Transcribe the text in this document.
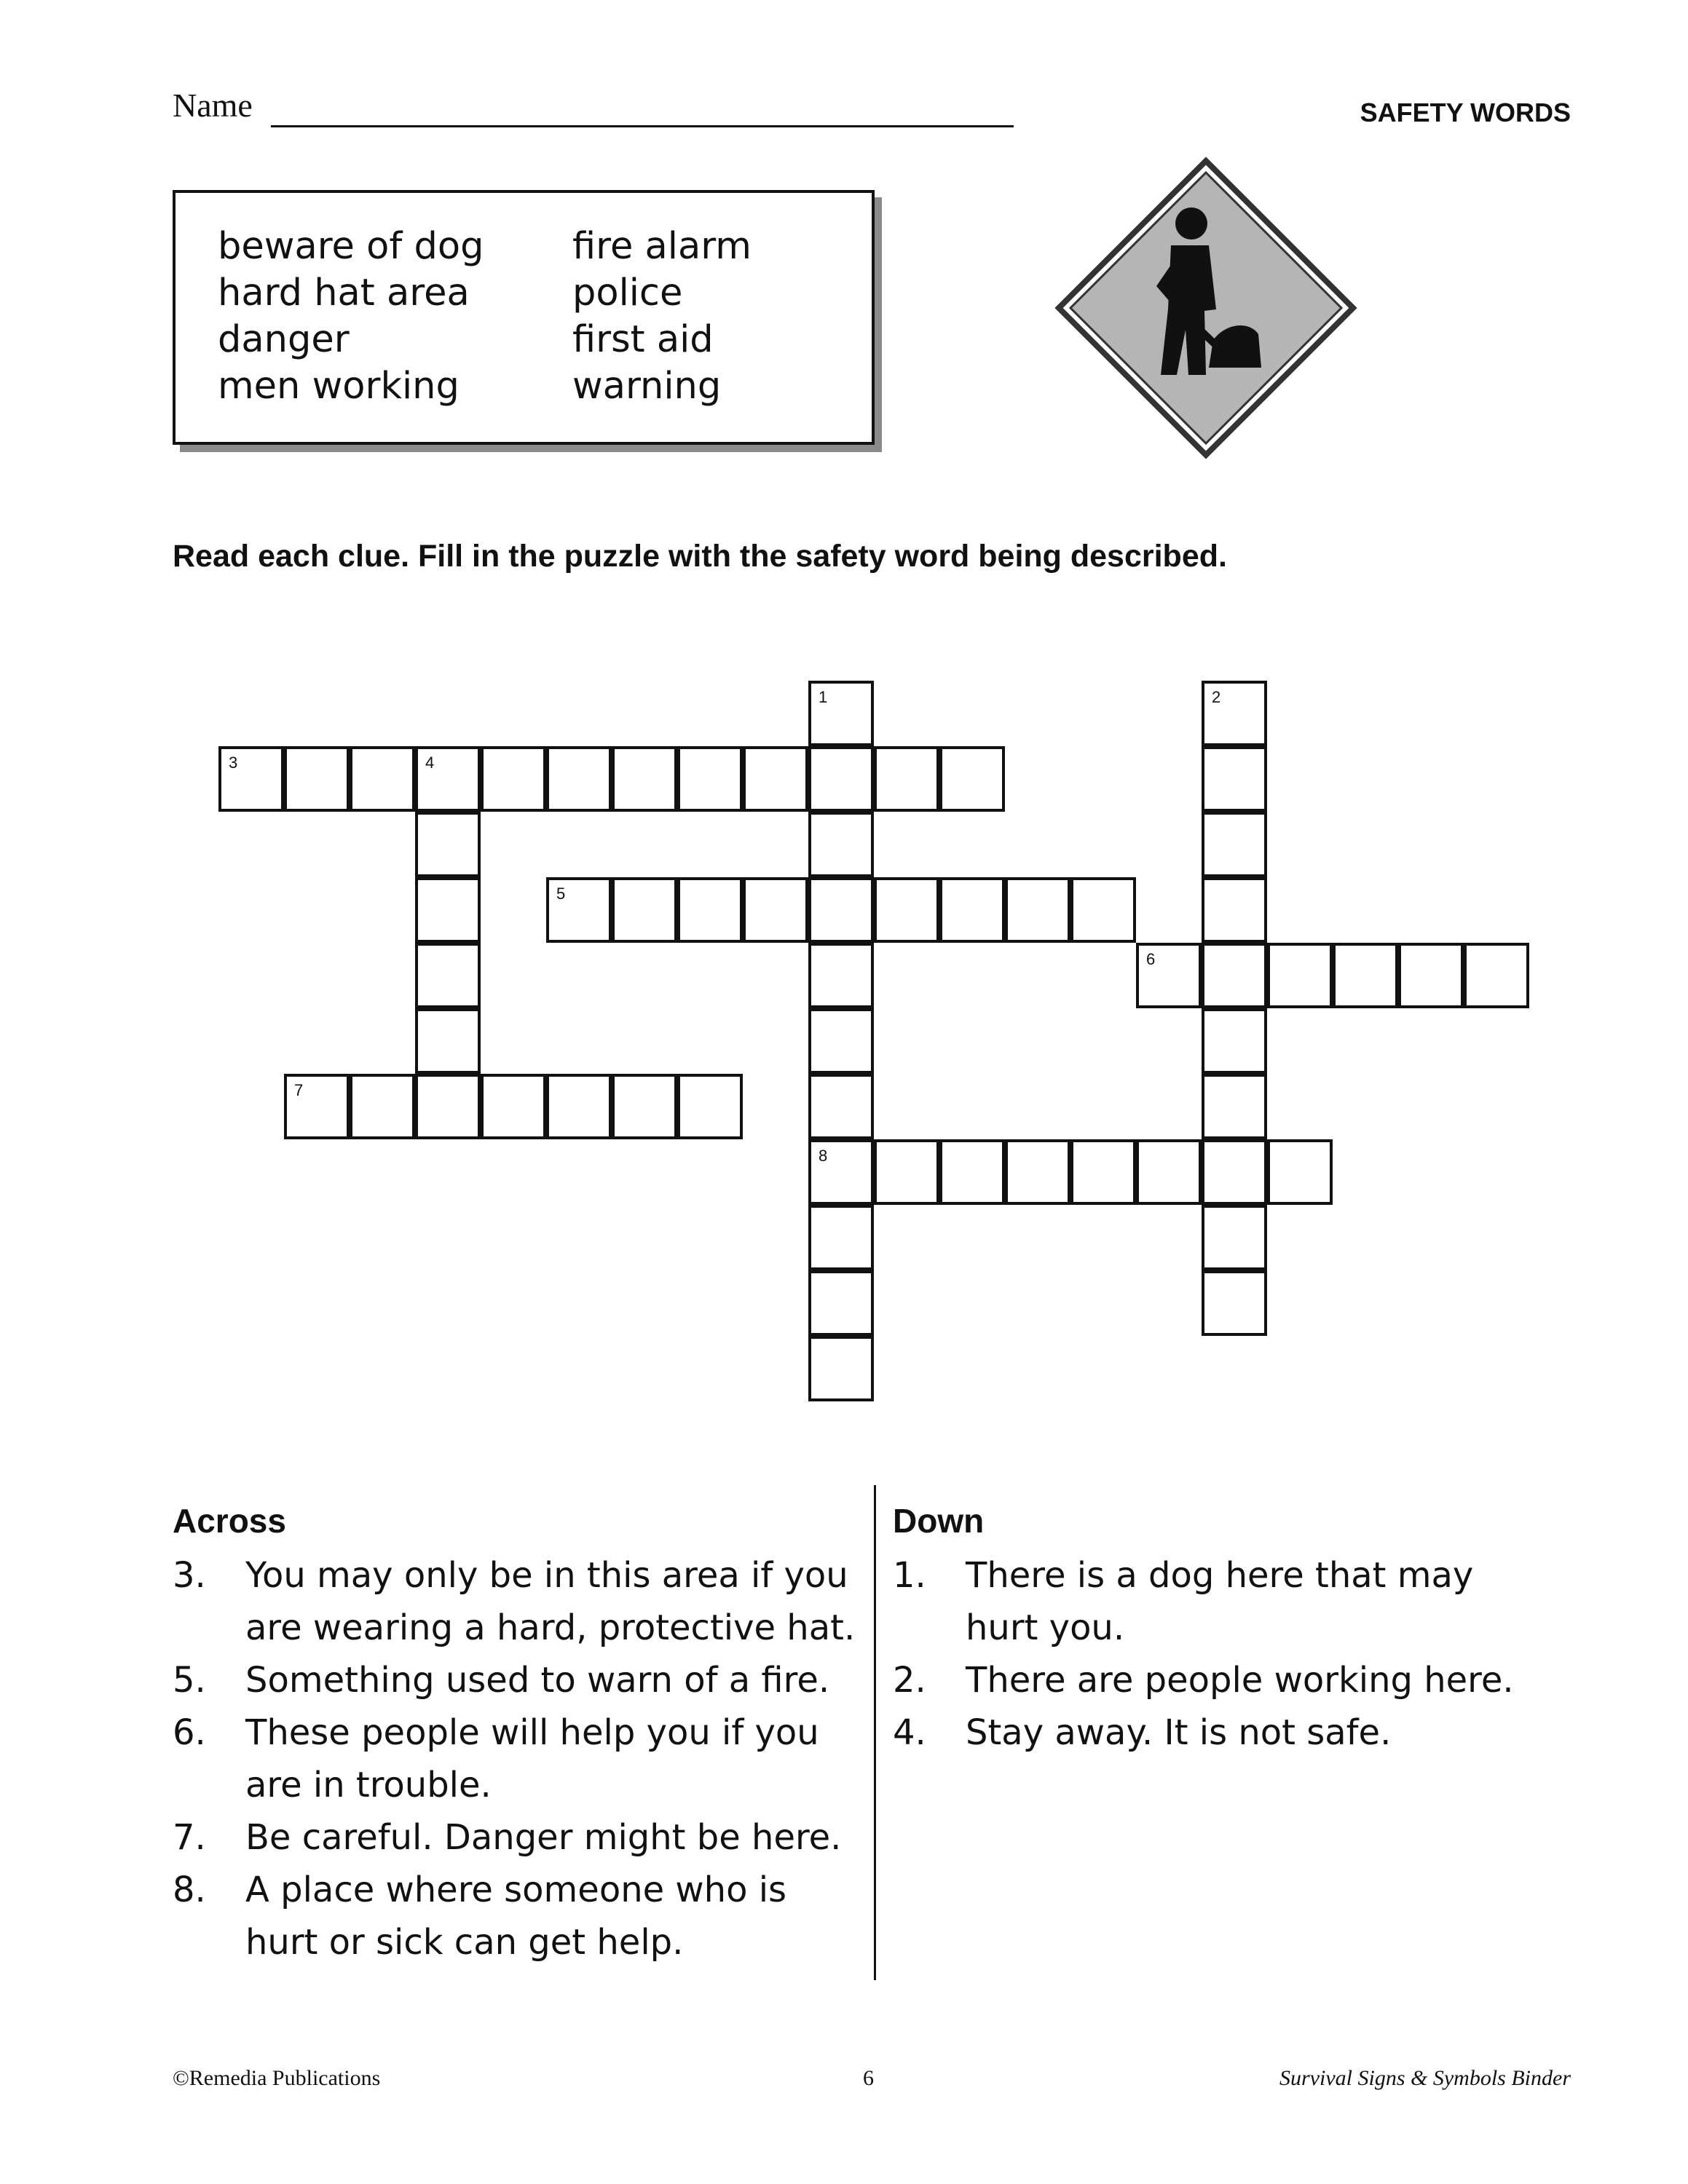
Name	SAFETY WORDS
beware of dog
hard hat area
danger
men working
fire alarm
police
first aid
warning
Read each clue. Fill in the puzzle with the safety word being described.
3	4
5
6
7
8
1	2
Across
3. You may only be in this area if you
are wearing a hard, protective hat.
5. Something used to warn of a fire.
6. These people will help you if you
are in trouble.
7. Be careful. Danger might be here.
8. A place where someone who is
hurt or sick can get help.
Down
1. There is a dog here that may
hurt you.
2. There are people working here.
4. Stay away. It is not safe.
©Remedia Publications	6	Survival Signs & Symbols Binder
